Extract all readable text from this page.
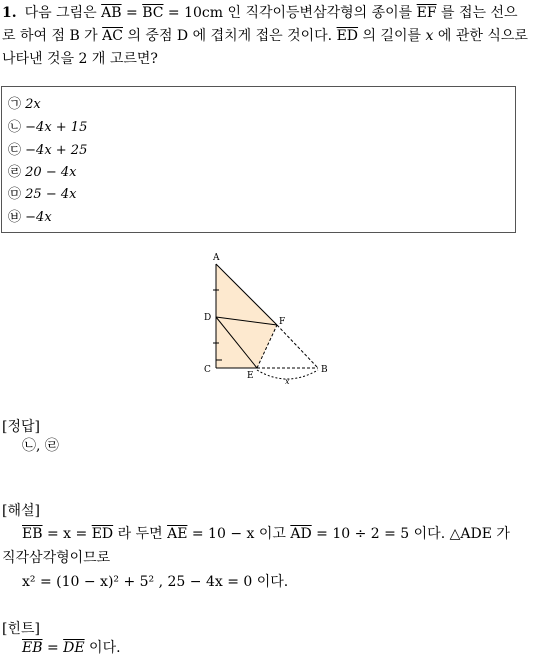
1. 다음 그림은 $\overline{AB} = \overline{BC} = 10cm$ 인 직각이등변삼각형의 종이를 $\overline{EF}$ 를 접는 선으로 하여 점 B 가 $\overline{AC}$ 의 중점 D 에 겹치게 접은 것이다. $\overline{ED}$ 의 길이를 x 에 관한 식으로 나타낸 것을 2 개 고르면?
㉠ 2x
㉡ −4x + 15
㉢ −4x + 25
㉣ 20 − 4x
㉤ 25 − 4x
㉥ −4x
A
D
C
E
F
B
x
[정답]
㉡, ㉣
[해설]
$\overline{EB} = x = \overline{ED}$ 라 두면 $\overline{AE} = 10 - x$ 이고 $\overline{AD} = 10 \div 2 = 5$ 이다. △ADE 가
직각삼각형이므로
x² = (10 − x)² + 5² , 25 − 4x = 0 이다.
[힌트]
$\overline{EB} = \overline{DE}$ 이다.
